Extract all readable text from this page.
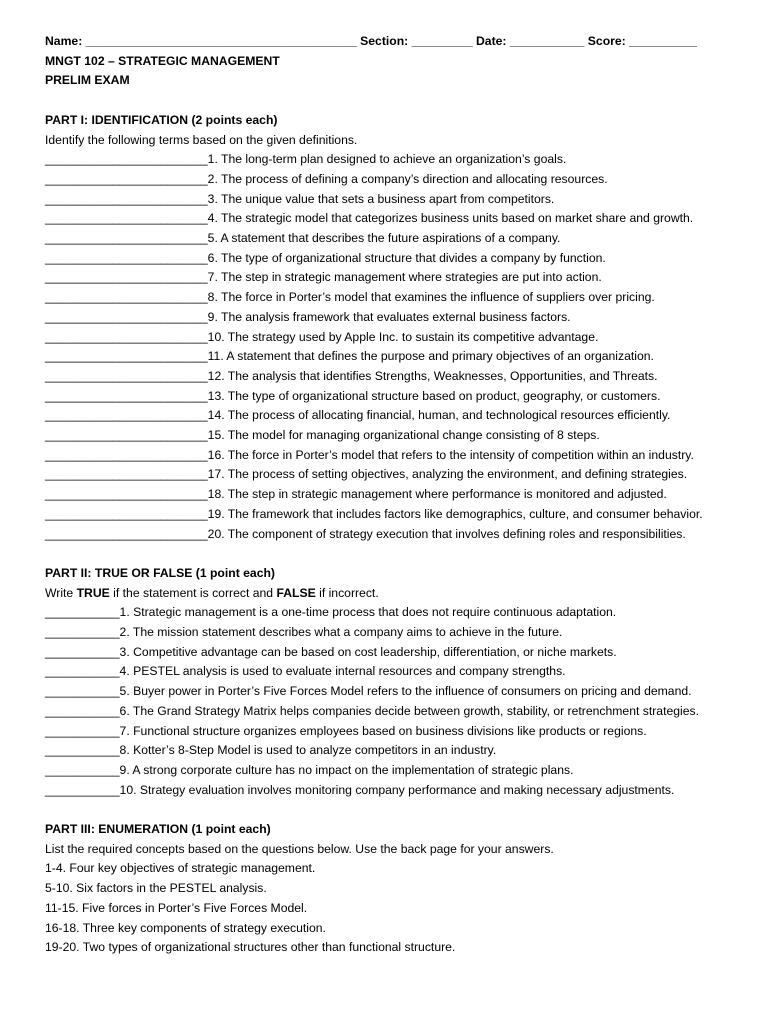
Name: ________________________________________ Section: _________ Date: ___________ Score: __________
MNGT 102 – STRATEGIC MANAGEMENT
PRELIM EXAM
PART I: IDENTIFICATION (2 points each)
Identify the following terms based on the given definitions.
________________________1. The long-term plan designed to achieve an organization’s goals.
________________________2. The process of defining a company’s direction and allocating resources.
________________________3. The unique value that sets a business apart from competitors.
________________________4. The strategic model that categorizes business units based on market share and growth.
________________________5. A statement that describes the future aspirations of a company.
________________________6. The type of organizational structure that divides a company by function.
________________________7. The step in strategic management where strategies are put into action.
________________________8. The force in Porter’s model that examines the influence of suppliers over pricing.
________________________9. The analysis framework that evaluates external business factors.
________________________10. The strategy used by Apple Inc. to sustain its competitive advantage.
________________________11. A statement that defines the purpose and primary objectives of an organization.
________________________12. The analysis that identifies Strengths, Weaknesses, Opportunities, and Threats.
________________________13. The type of organizational structure based on product, geography, or customers.
________________________14. The process of allocating financial, human, and technological resources efficiently.
________________________15. The model for managing organizational change consisting of 8 steps.
________________________16. The force in Porter’s model that refers to the intensity of competition within an industry.
________________________17. The process of setting objectives, analyzing the environment, and defining strategies.
________________________18. The step in strategic management where performance is monitored and adjusted.
________________________19. The framework that includes factors like demographics, culture, and consumer behavior.
________________________20. The component of strategy execution that involves defining roles and responsibilities.
PART II: TRUE OR FALSE (1 point each)
Write TRUE if the statement is correct and FALSE if incorrect.
___________1. Strategic management is a one-time process that does not require continuous adaptation.
___________2. The mission statement describes what a company aims to achieve in the future.
___________3. Competitive advantage can be based on cost leadership, differentiation, or niche markets.
___________4. PESTEL analysis is used to evaluate internal resources and company strengths.
___________5. Buyer power in Porter’s Five Forces Model refers to the influence of consumers on pricing and demand.
___________6. The Grand Strategy Matrix helps companies decide between growth, stability, or retrenchment strategies.
___________7. Functional structure organizes employees based on business divisions like products or regions.
___________8. Kotter’s 8-Step Model is used to analyze competitors in an industry.
___________9. A strong corporate culture has no impact on the implementation of strategic plans.
___________10. Strategy evaluation involves monitoring company performance and making necessary adjustments.
PART III: ENUMERATION (1 point each)
List the required concepts based on the questions below. Use the back page for your answers.
1-4. Four key objectives of strategic management.
5-10. Six factors in the PESTEL analysis.
11-15. Five forces in Porter’s Five Forces Model.
16-18. Three key components of strategy execution.
19-20. Two types of organizational structures other than functional structure.
